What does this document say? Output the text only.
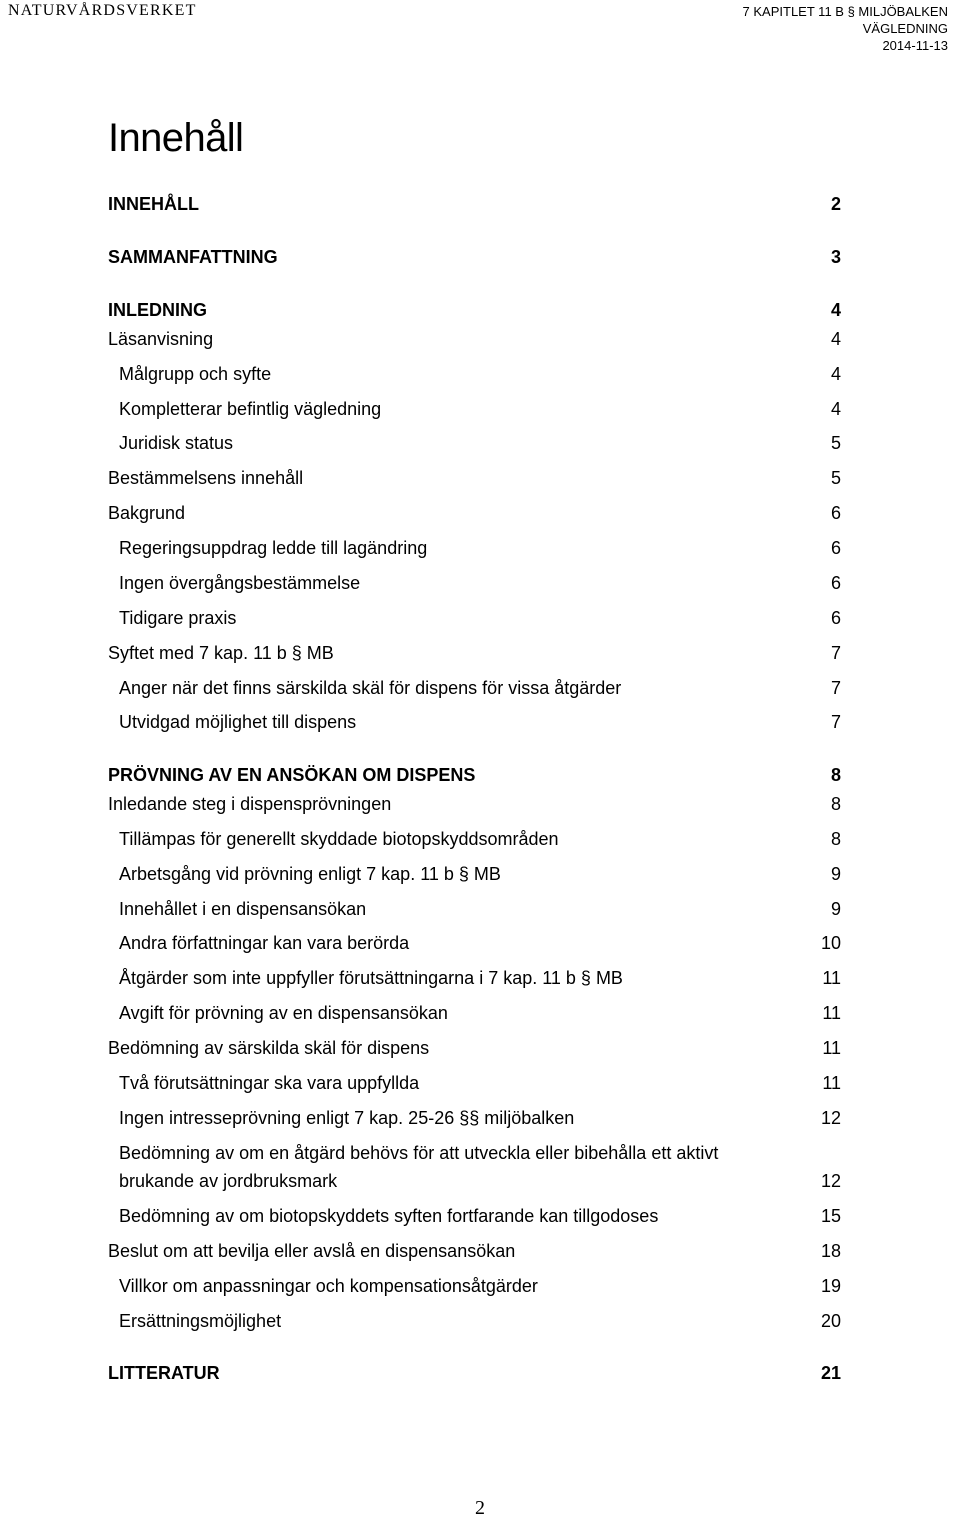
NATURVÅRDSVERKET	7 KAPITLET 11 B § MILJÖBALKEN
VÄGLEDNING
2014-11-13
Innehåll
INNEHÅLL	2
SAMMANFATTNING	3
INLEDNING	4
Läsanvisning	4
Målgrupp och syfte	4
Kompletterar befintlig vägledning	4
Juridisk status	5
Bestämmelsens innehåll	5
Bakgrund	6
Regeringsuppdrag ledde till lagändring	6
Ingen övergångsbestämmelse	6
Tidigare praxis	6
Syftet med 7 kap. 11 b § MB	7
Anger när det finns särskilda skäl för dispens för vissa åtgärder	7
Utvidgad möjlighet till dispens	7
PRÖVNING AV EN ANSÖKAN OM DISPENS	8
Inledande steg i dispensprövningen	8
Tillämpas för generellt skyddade biotopskyddsområden	8
Arbetsgång vid prövning enligt 7 kap. 11 b § MB	9
Innehållet i en dispensansökan	9
Andra författningar kan vara berörda	10
Åtgärder som inte uppfyller förutsättningarna i 7 kap. 11 b § MB	11
Avgift för prövning av en dispensansökan	11
Bedömning av särskilda skäl för dispens	11
Två förutsättningar ska vara uppfyllda	11
Ingen intresseprövning enligt 7 kap. 25-26 §§ miljöbalken	12
Bedömning av om en åtgärd behövs för att utveckla eller bibehålla ett aktivt brukande av jordbruksmark	12
Bedömning av om biotopskyddets syften fortfarande kan tillgodoses	15
Beslut om att bevilja eller avslå en dispensansökan	18
Villkor om anpassningar och kompensationsåtgärder	19
Ersättningsmöjlighet	20
LITTERATUR	21
2
